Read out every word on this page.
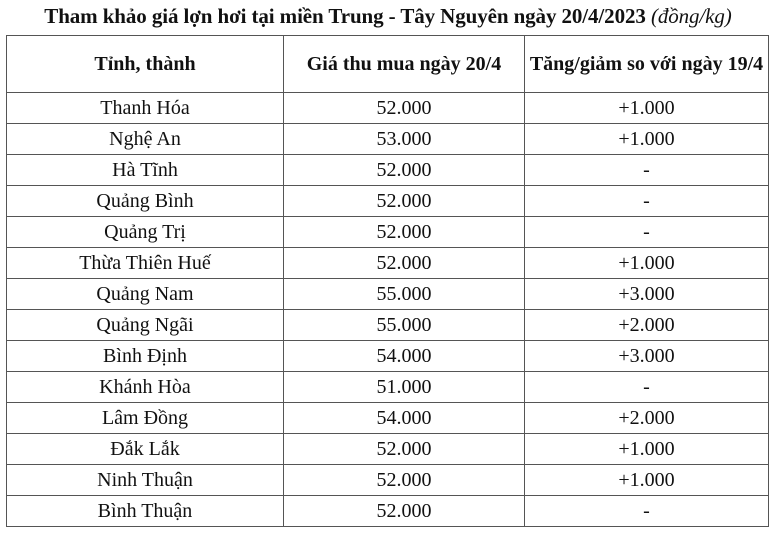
Tham khảo giá lợn hơi tại miền Trung - Tây Nguyên ngày 20/4/2023 (đồng/kg)
Tỉnh, thành	Giá thu mua ngày 20/4	Tăng/giảm so với ngày 19/4
Thanh Hóa	52.000	+1.000
Nghệ An	53.000	+1.000
Hà Tĩnh	52.000	-
Quảng Bình	52.000	-
Quảng Trị	52.000	-
Thừa Thiên Huế	52.000	+1.000
Quảng Nam	55.000	+3.000
Quảng Ngãi	55.000	+2.000
Bình Định	54.000	+3.000
Khánh Hòa	51.000	-
Lâm Đồng	54.000	+2.000
Đắk Lắk	52.000	+1.000
Ninh Thuận	52.000	+1.000
Bình Thuận	52.000	-
